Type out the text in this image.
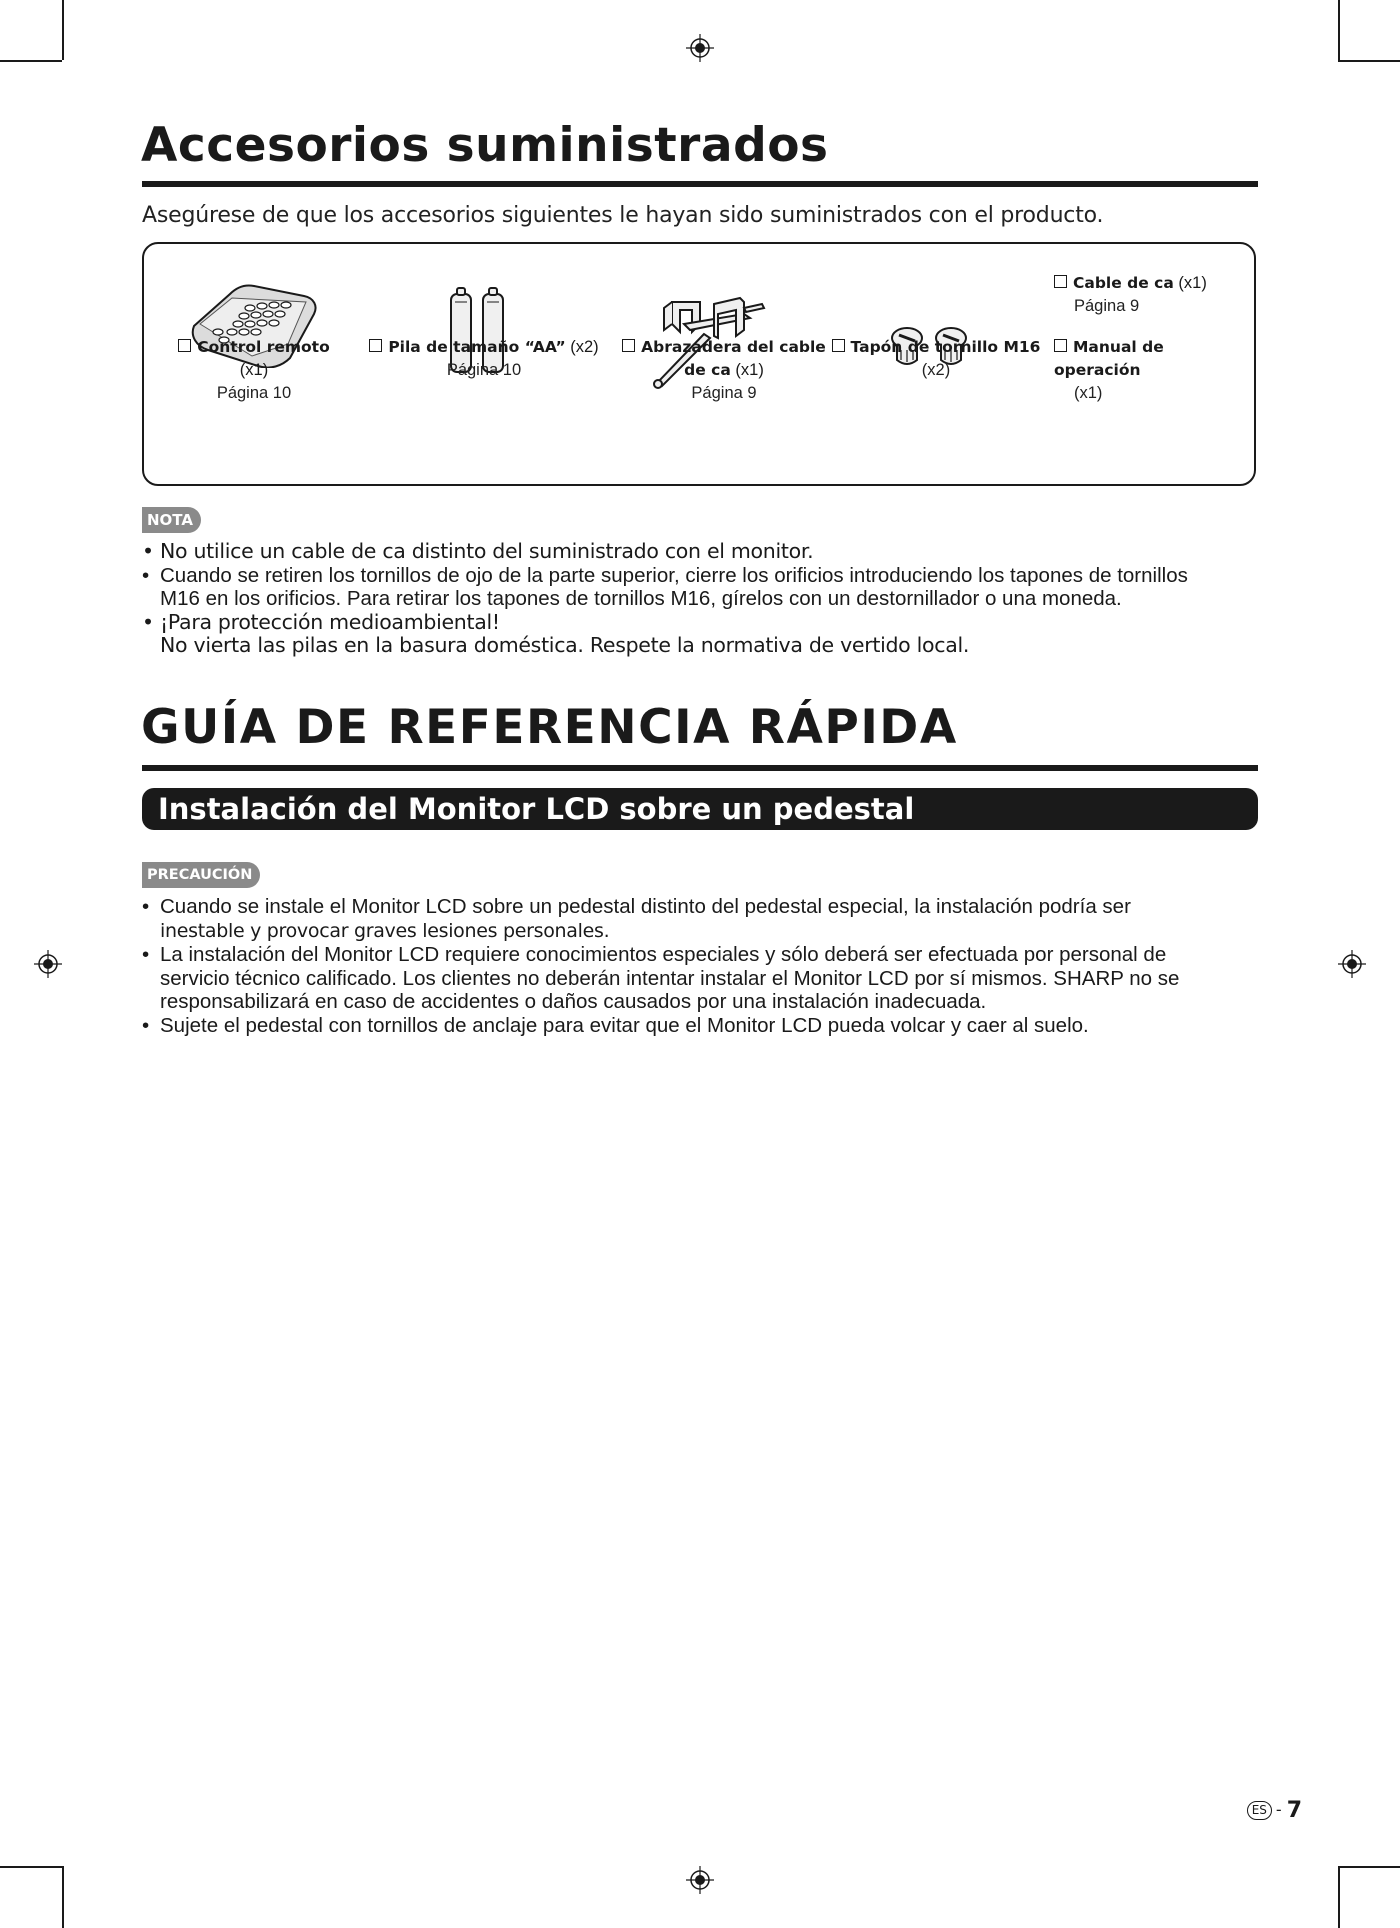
Accesorios suministrados
Asegúrese de que los accesorios siguientes le hayan sido suministrados con el producto.
Control remoto (x1)
Página 10
Pila de tamaño “AA” (x2)
Página 10
Abrazadera del cable
de ca (x1)
Página 9
Tapón de tornillo M16
(x2)
Cable de ca (x1)
Página 9
Manual de operación
(x1)
NOTA
• No utilice un cable de ca distinto del suministrado con el monitor.
• Cuando se retiren los tornillos de ojo de la parte superior, cierre los orificios introduciendo los tapones de tornillos
M16 en los orificios. Para retirar los tapones de tornillos M16, gírelos con un destornillador o una moneda.
• ¡Para protección medioambiental!
No vierta las pilas en la basura doméstica. Respete la normativa de vertido local.
GUÍA DE REFERENCIA RÁPIDA
Instalación del Monitor LCD sobre un pedestal
PRECAUCIÓN
• Cuando se instale el Monitor LCD sobre un pedestal distinto del pedestal especial, la instalación podría ser
inestable y provocar graves lesiones personales.
• La instalación del Monitor LCD requiere conocimientos especiales y sólo deberá ser efectuada por personal de
servicio técnico calificado. Los clientes no deberán intentar instalar el Monitor LCD por sí mismos. SHARP no se
responsabilizará en caso de accidentes o daños causados por una instalación inadecuada.
• Sujete el pedestal con tornillos de anclaje para evitar que el Monitor LCD pueda volcar y caer al suelo.
ES - 7
